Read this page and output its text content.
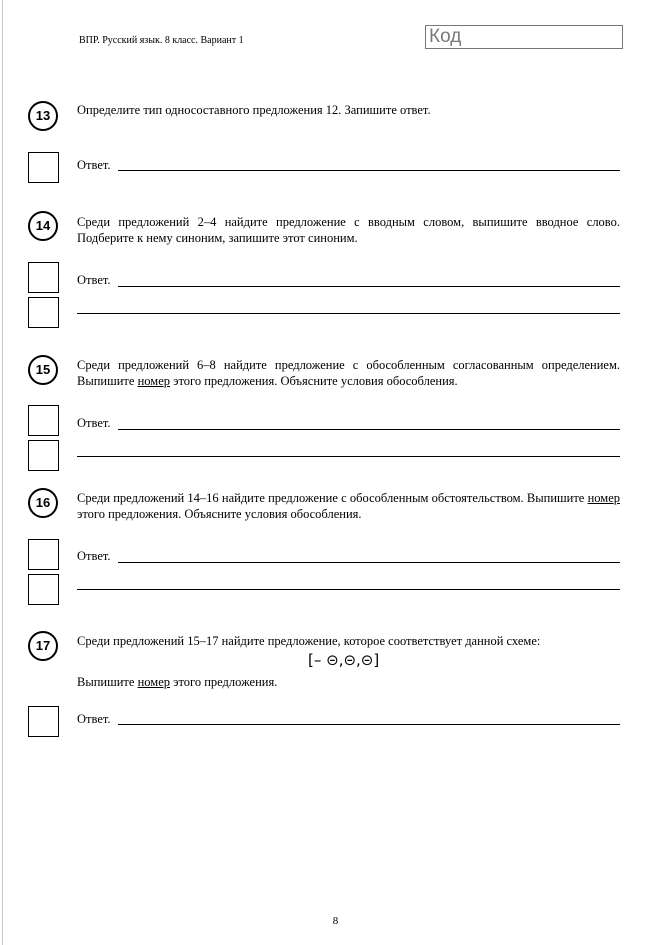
ВПР. Русский язык. 8 класс. Вариант 1	Код
13	Определите тип односоставного предложения 12. Запишите ответ.
Ответ.
14	Среди предложений 2–4 найдите предложение с вводным словом, выпишите вводное слово. Подберите к нему синоним, запишите этот синоним.
Ответ.
15	Среди предложений 6–8 найдите предложение с обособленным согласованным определением. Выпишите номер этого предложения. Объясните условия обособления.
Ответ.
16	Среди предложений 14–16 найдите предложение с обособленным обстоятельством. Выпишите номер этого предложения. Объясните условия обособления.
Ответ.
17	Среди предложений 15–17 найдите предложение, которое соответствует данной схеме:
[– ⊝,⊝,⊝]
Выпишите номер этого предложения.
Ответ.
8
